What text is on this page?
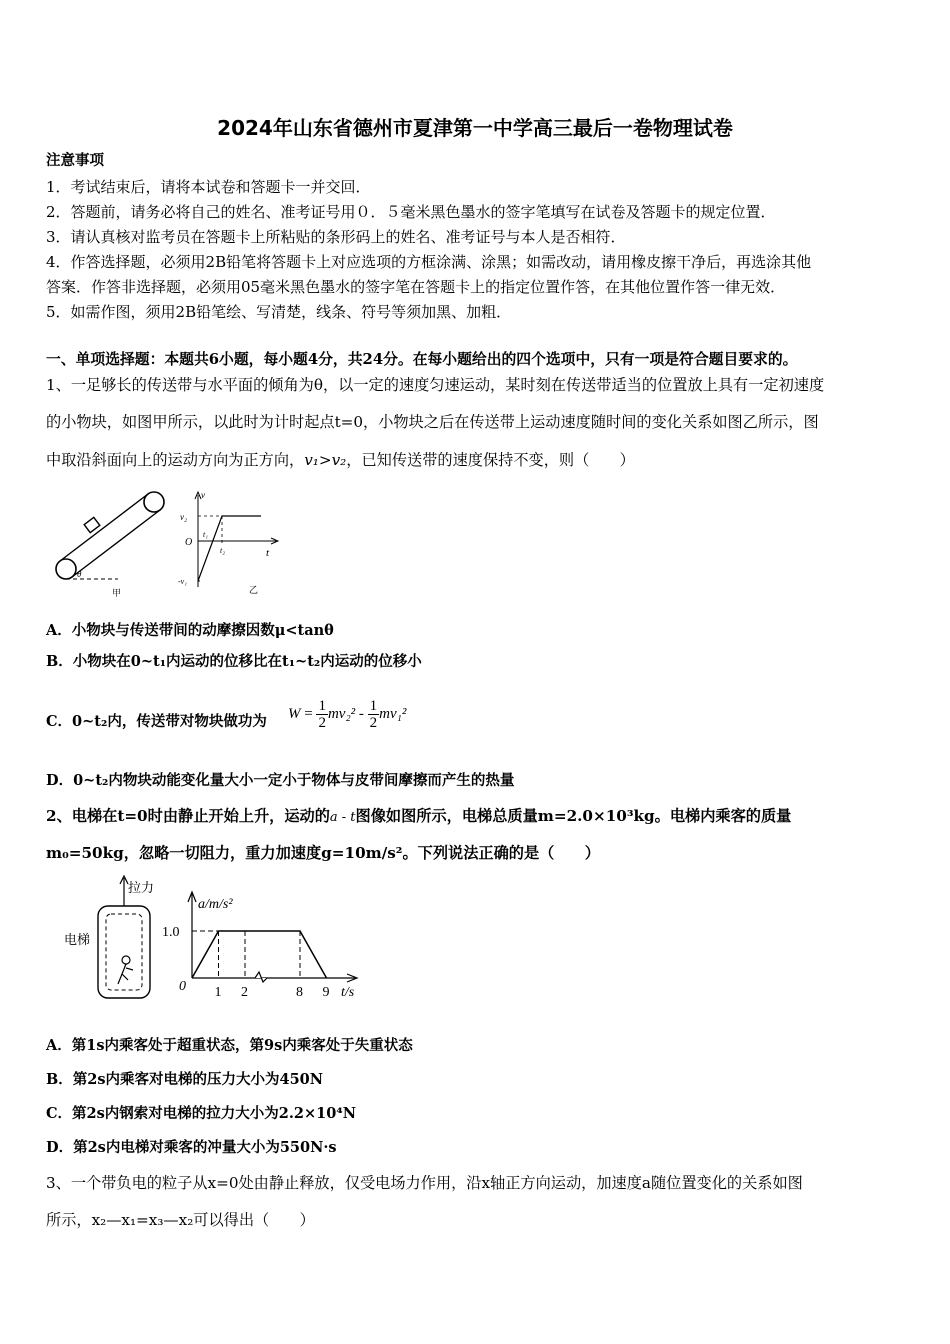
2024年山东省德州市夏津第一中学高三最后一卷物理试卷
注意事项
1．考试结束后，请将本试卷和答题卡一并交回．
2．答题前，请务必将自己的姓名、准考证号用０．５毫米黑色墨水的签字笔填写在试卷及答题卡的规定位置．
3．请认真核对监考员在答题卡上所粘贴的条形码上的姓名、准考证号与本人是否相符．
4．作答选择题，必须用2B铅笔将答题卡上对应选项的方框涂满、涂黑；如需改动，请用橡皮擦干净后，再选涂其他
答案．作答非选择题，必须用05毫米黑色墨水的签字笔在答题卡上的指定位置作答，在其他位置作答一律无效．
5．如需作图，须用2B铅笔绘、写清楚，线条、符号等须加黑、加粗．
一、单项选择题：本题共6小题，每小题4分，共24分。在每小题给出的四个选项中，只有一项是符合题目要求的。
1、一足够长的传送带与水平面的倾角为θ，以一定的速度匀速运动，某时刻在传送带适当的位置放上具有一定初速度
的小物块，如图甲所示，以此时为计时起点t=0，小物块之后在传送带上运动速度随时间的变化关系如图乙所示，图
中取沿斜面向上的运动方向为正方向，v₁>v₂，已知传送带的速度保持不变，则（　　）
θ
甲
v
v₂
O
t₁
t₂	t
-v₁
乙
A．小物块与传送带间的动摩擦因数μ<tanθ
B．小物块在0~t₁内运动的位移比在t₁~t₂内运动的位移小
C．0~t₂内，传送带对物块做功为 $W = \frac{1}{2} mv_2^2 - \frac{1}{2} mv_1^2$
D．0~t₂内物块动能变化量大小一定小于物体与皮带间摩擦而产生的热量
2、电梯在t=0时由静止开始上升，运动的a - t图像如图所示，电梯总质量m=2.0×10³kg。电梯内乘客的质量
m₀=50kg，忽略一切阻力，重力加速度g=10m/s²。下列说法正确的是（　　）
拉力
电梯
a/m/s²
1.0
0 1 2	8 9 t/s
A．第1s内乘客处于超重状态，第9s内乘客处于失重状态
B．第2s内乘客对电梯的压力大小为450N
C．第2s内钢索对电梯的拉力大小为2.2×10⁴N
D．第2s内电梯对乘客的冲量大小为550N·s
3、一个带负电的粒子从x=0处由静止释放，仅受电场力作用，沿x轴正方向运动，加速度a随位置变化的关系如图
所示，x₂—x₁=x₃—x₂可以得出（　　）
